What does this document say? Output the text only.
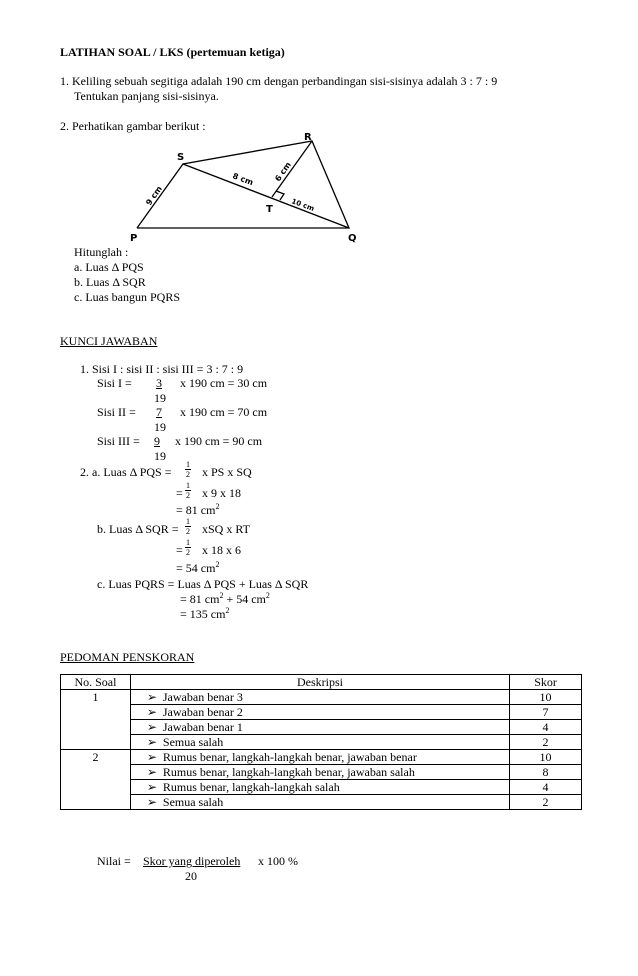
LATIHAN SOAL / LKS (pertemuan ketiga)
1. Keliling sebuah segitiga adalah 190 cm dengan perbandingan sisi-sisinya adalah 3 : 7 : 9
Tentukan panjang sisi-sisinya.
2. Perhatikan gambar berikut :
P	Q
R
S
T
9 cm
8 cm 6 cm
10 cm
Hitunglah :
a. Luas Δ PQS
b. Luas Δ SQR
c. Luas bangun PQRS
KUNCI JAWABAN
1. Sisi I : sisi II : sisi III = 3 : 7 : 9
Sisi I =	3	x 190 cm = 30 cm
19
Sisi II =	7	x 190 cm = 70 cm
19
Sisi III =	9	x 190 cm = 90 cm
19
2. a. Luas Δ PQS = $\frac{1}{2}$ x PS x SQ
= $\frac{1}{2}$ x 9 x 18
= 81 $cm^2$
b. Luas Δ SQR = $\frac{1}{2}$ xSQ x RT
= $\frac{1}{2}$ x 18 x 6
= 54 $cm^2$
c. Luas PQRS = Luas Δ PQS + Luas Δ SQR
= 81 $cm^2 + 54$ $cm^2$
= 135 $cm^2$
PEDOMAN PENSKORAN
No. Soal	Deskripsi	Skor
1	➢ Jawaban benar 3	10
	➢ Jawaban benar 2	7
	➢ Jawaban benar 1	4
	➢ Semua salah	2
2	➢ Rumus benar, langkah-langkah benar, jawaban benar	10
	➢ Rumus benar, langkah-langkah benar, jawaban salah	8
	➢ Rumus benar, langkah-langkah salah	4
	➢ Semua salah	2
Nilai = Skor yang diperoleh x 100 %
20
